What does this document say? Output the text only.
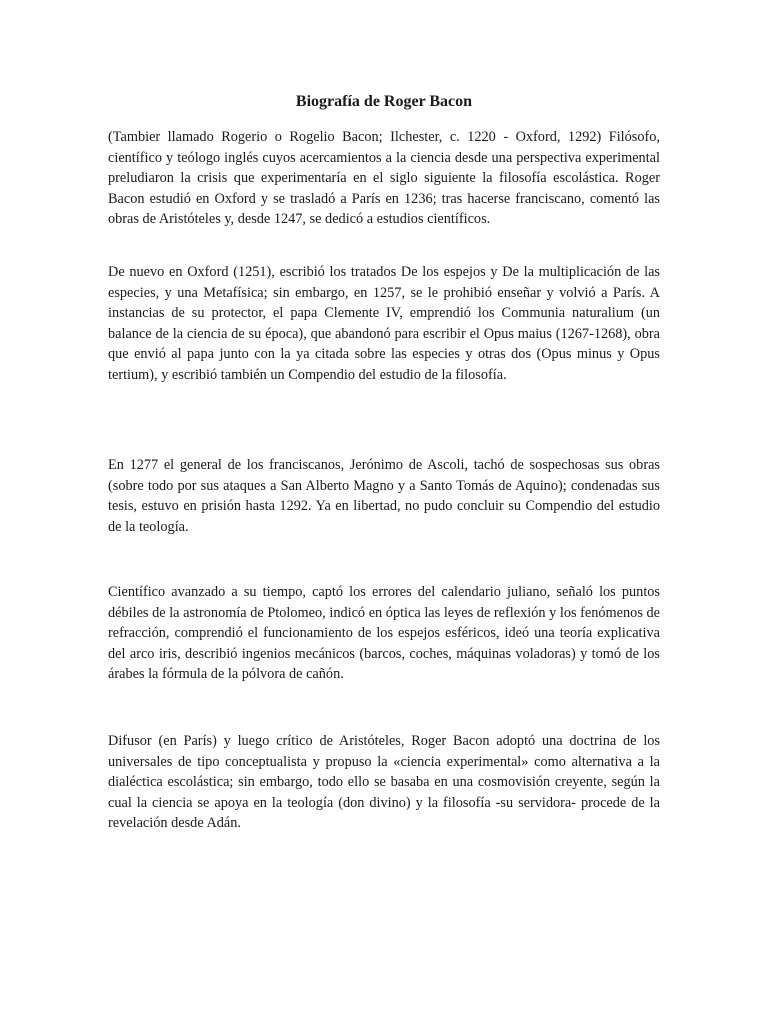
Biografía de Roger Bacon

(Tambier llamado Rogerio o Rogelio Bacon; Ilchester, c. 1220 - Oxford, 1292) Filósofo, científico y teólogo inglés cuyos acercamientos a la ciencia desde una perspectiva experimental preludiaron la crisis que experimentaría en el siglo siguiente la filosofía escolástica. Roger Bacon estudió en Oxford y se trasladó a París en 1236; tras hacerse franciscano, comentó las obras de Aristóteles y, desde 1247, se dedicó a estudios científicos.

De nuevo en Oxford (1251), escribió los tratados De los espejos y De la multiplicación de las especies, y una Metafísica; sin embargo, en 1257, se le prohibió enseñar y volvió a París. A instancias de su protector, el papa Clemente IV, emprendió los Communia naturalium (un balance de la ciencia de su época), que abandonó para escribir el Opus maius (1267-1268), obra que envió al papa junto con la ya citada sobre las especies y otras dos (Opus minus y Opus tertium), y escribió también un Compendio del estudio de la filosofía.

En 1277 el general de los franciscanos, Jerónimo de Ascoli, tachó de sospechosas sus obras (sobre todo por sus ataques a San Alberto Magno y a Santo Tomás de Aquino); condenadas sus tesis, estuvo en prisión hasta 1292. Ya en libertad, no pudo concluir su Compendio del estudio de la teología.

Científico avanzado a su tiempo, captó los errores del calendario juliano, señaló los puntos débiles de la astronomía de Ptolomeo, indicó en óptica las leyes de reflexión y los fenómenos de refracción, comprendió el funcionamiento de los espejos esféricos, ideó una teoría explicativa del arco iris, describió ingenios mecánicos (barcos, coches, máquinas voladoras) y tomó de los árabes la fórmula de la pólvora de cañón.

Difusor (en París) y luego crítico de Aristóteles, Roger Bacon adoptó una doctrina de los universales de tipo conceptualista y propuso la «ciencia experimental» como alternativa a la dialéctica escolástica; sin embargo, todo ello se basaba en una cosmovisión creyente, según la cual la ciencia se apoya en la teología (don divino) y la filosofía -su servidora- procede de la revelación desde Adán.
